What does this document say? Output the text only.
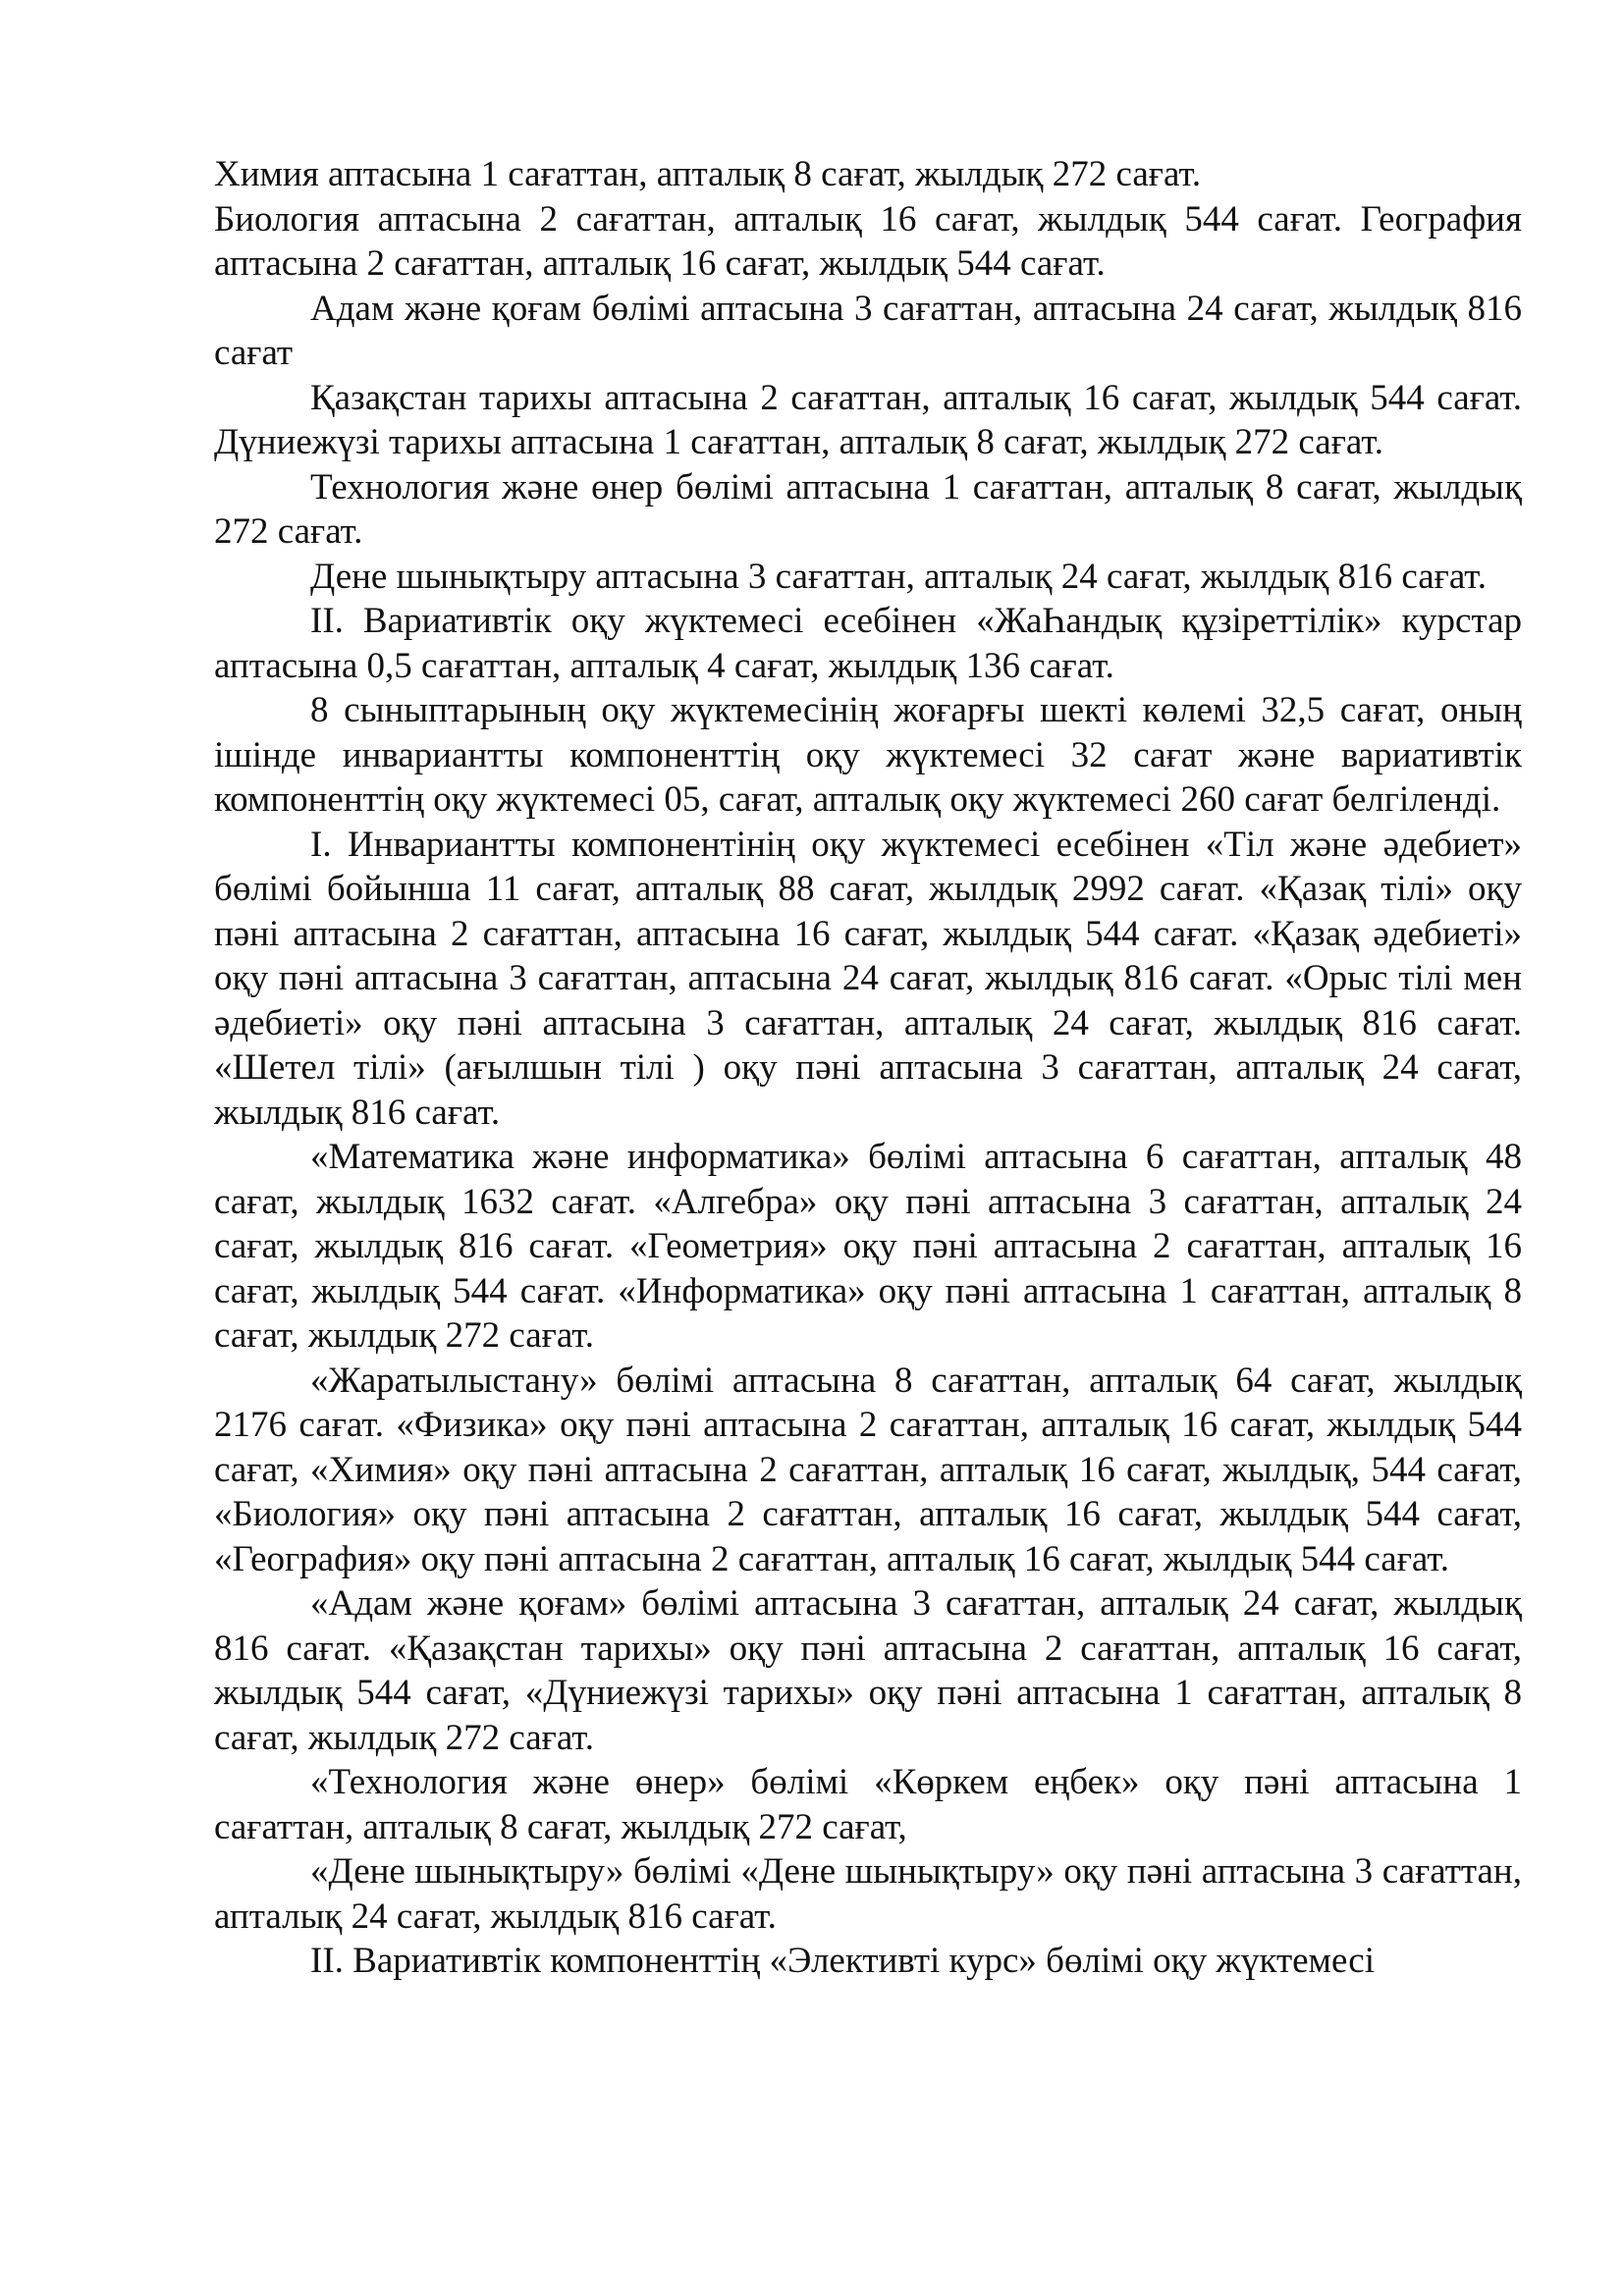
Химия аптасына 1 сағаттан, апталық 8 сағат, жылдық 272 сағат.

Биология аптасына 2 сағаттан, апталық 16 сағат, жылдық 544 сағат. География аптасына 2 сағаттан, апталық 16 сағат, жылдық 544 сағат.

Адам және қоғам бөлімі аптасына 3 сағаттан, аптасына 24 сағат, жылдық 816 сағат

Қазақстан тарихы аптасына 2 сағаттан, апталық 16 сағат, жылдық 544 сағат. Дүниежүзі тарихы аптасына 1 сағаттан, апталық 8 сағат, жылдық 272 сағат.

Технология және өнер бөлімі аптасына 1 сағаттан, апталық 8 сағат, жылдық 272 сағат.

Дене шынықтыру аптасына 3 сағаттан, апталық 24 сағат, жылдық 816 сағат.

ІІ. Вариативтік оқу жүктемесі есебінен «ЖаҺандық құзіреттілік» курстар аптасына 0,5 сағаттан, апталық 4 сағат, жылдық 136 сағат.

8 сыныптарының оқу жүктемесінің жоғарғы шекті көлемі 32,5 сағат, оның ішінде инвариантты компоненттің оқу жүктемесі 32 сағат және вариативтік компоненттің оқу жүктемесі 05, сағат, апталық оқу жүктемесі 260 сағат белгіленді.

І. Инвариантты компонентінің оқу жүктемесі есебінен «Тіл және әдебиет» бөлімі бойынша 11 сағат, апталық 88 сағат, жылдық 2992 сағат. «Қазақ тілі» оқу пәні аптасына 2 сағаттан, аптасына 16 сағат, жылдық 544 сағат. «Қазақ әдебиеті» оқу пәні аптасына 3 сағаттан, аптасына 24 сағат, жылдық 816 сағат. «Орыс тілі мен әдебиеті» оқу пәні аптасына 3 сағаттан, апталық 24 сағат, жылдық 816 сағат. «Шетел тілі» (ағылшын тілі ) оқу пәні аптасына 3 сағаттан, апталық 24 сағат, жылдық 816 сағат.

«Математика және информатика» бөлімі аптасына 6 сағаттан, апталық 48 сағат, жылдық 1632 сағат. «Алгебра» оқу пәні аптасына 3 сағаттан, апталық 24 сағат, жылдық 816 сағат. «Геометрия» оқу пәні аптасына 2 сағаттан, апталық 16 сағат, жылдық 544 сағат. «Информатика» оқу пәні аптасына 1 сағаттан, апталық 8 сағат, жылдық 272 сағат.

«Жаратылыстану» бөлімі аптасына 8 сағаттан, апталық 64 сағат, жылдық 2176 сағат. «Физика» оқу пәні аптасына 2 сағаттан, апталық 16 сағат, жылдық 544 сағат, «Химия» оқу пәні аптасына 2 сағаттан, апталық 16 сағат, жылдық, 544 сағат, «Биология» оқу пәні аптасына 2 сағаттан, апталық 16 сағат, жылдық 544 сағат, «География» оқу пәні аптасына 2 сағаттан, апталық 16 сағат, жылдық 544 сағат.

«Адам және қоғам» бөлімі аптасына 3 сағаттан, апталық 24 сағат, жылдық 816 сағат. «Қазақстан тарихы» оқу пәні аптасына 2 сағаттан, апталық 16 сағат, жылдық 544 сағат, «Дүниежүзі тарихы» оқу пәні аптасына 1 сағаттан, апталық 8 сағат, жылдық 272 сағат.

«Технология және өнер» бөлімі «Көркем еңбек» оқу пәні аптасына 1 сағаттан, апталық 8 сағат, жылдық 272 сағат,

«Дене шынықтыру» бөлімі «Дене шынықтыру» оқу пәні аптасына 3 сағаттан, апталық 24 сағат, жылдық 816 сағат.

ІІ. Вариативтік компоненттің «Элективті курс» бөлімі оқу жүктемесі
